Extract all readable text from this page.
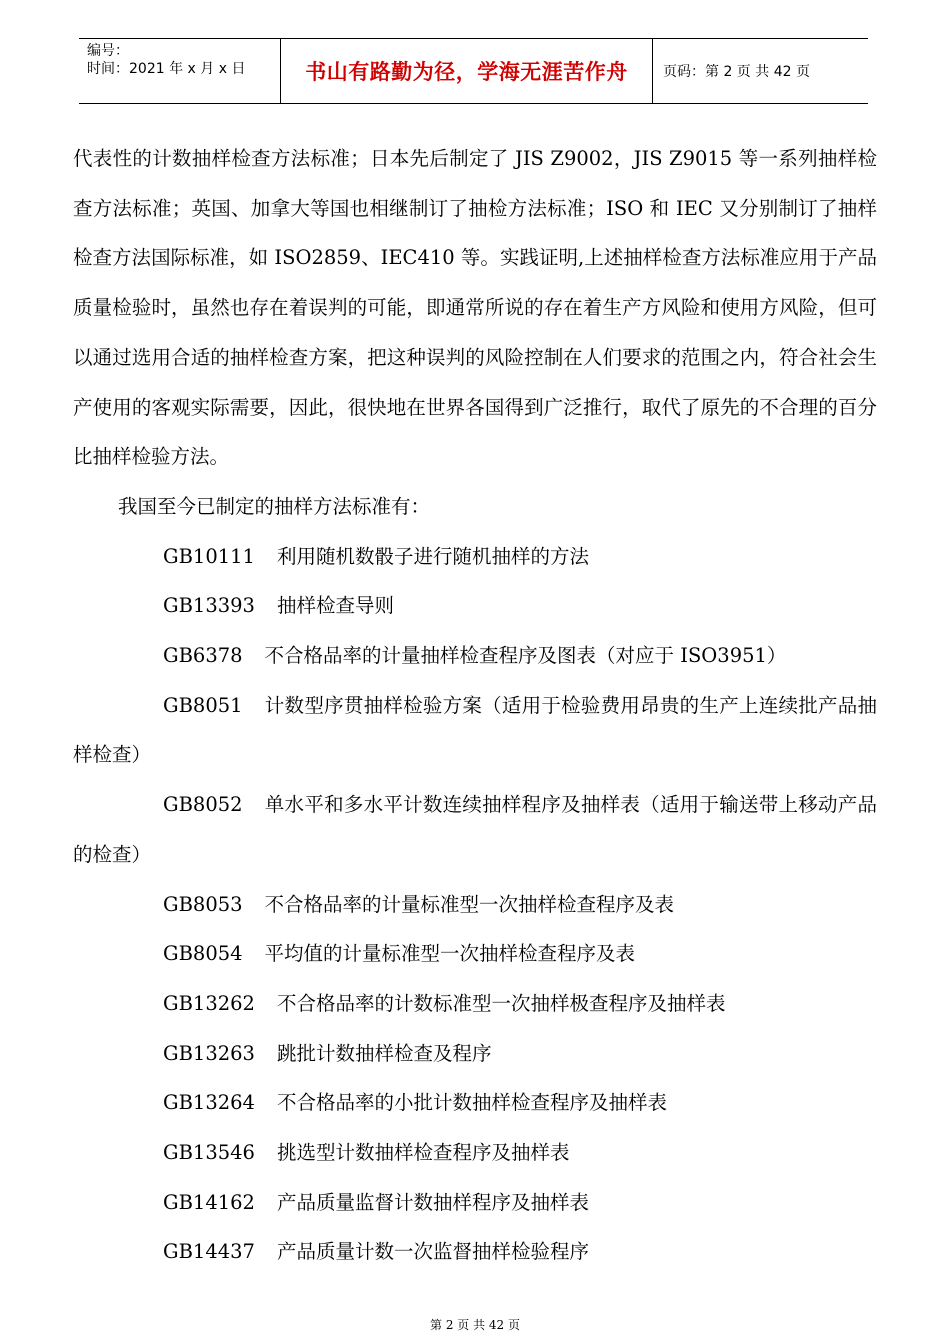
编号：
时间：2021 年 x 月 x 日	书山有路勤为径，学海无涯苦作舟	页码：第 2 页 共 42 页

代表性的计数抽样检查方法标准；日本先后制定了 JIS Z9002，JIS Z9015 等一系列抽样检查方法标准；英国、加拿大等国也相继制订了抽检方法标准；ISO 和 IEC 又分别制订了抽样检查方法国际标准，如 ISO2859、IEC410 等。实践证明,上述抽样检查方法标准应用于产品质量检验时，虽然也存在着误判的可能，即通常所说的存在着生产方风险和使用方风险，但可以通过选用合适的抽样检查方案，把这种误判的风险控制在人们要求的范围之内，符合社会生产使用的客观实际需要，因此，很快地在世界各国得到广泛推行，取代了原先的不合理的百分比抽样检验方法。

我国至今已制定的抽样方法标准有：

GB10111 利用随机数骰子进行随机抽样的方法

GB13393 抽样检查导则

GB6378 不合格品率的计量抽样检查程序及图表（对应于 ISO3951）

GB8051 计数型序贯抽样检验方案（适用于检验费用昂贵的生产上连续批产品抽样检查）

GB8052 单水平和多水平计数连续抽样程序及抽样表（适用于输送带上移动产品的检查）

GB8053 不合格品率的计量标准型一次抽样检查程序及表

GB8054 平均值的计量标准型一次抽样检查程序及表

GB13262 不合格品率的计数标准型一次抽样极查程序及抽样表

GB13263 跳批计数抽样检查及程序

GB13264 不合格品率的小批计数抽样检查程序及抽样表

GB13546 挑选型计数抽样检查程序及抽样表

GB14162 产品质量监督计数抽样程序及抽样表

GB14437 产品质量计数一次监督抽样检验程序

第 2 页 共 42 页
